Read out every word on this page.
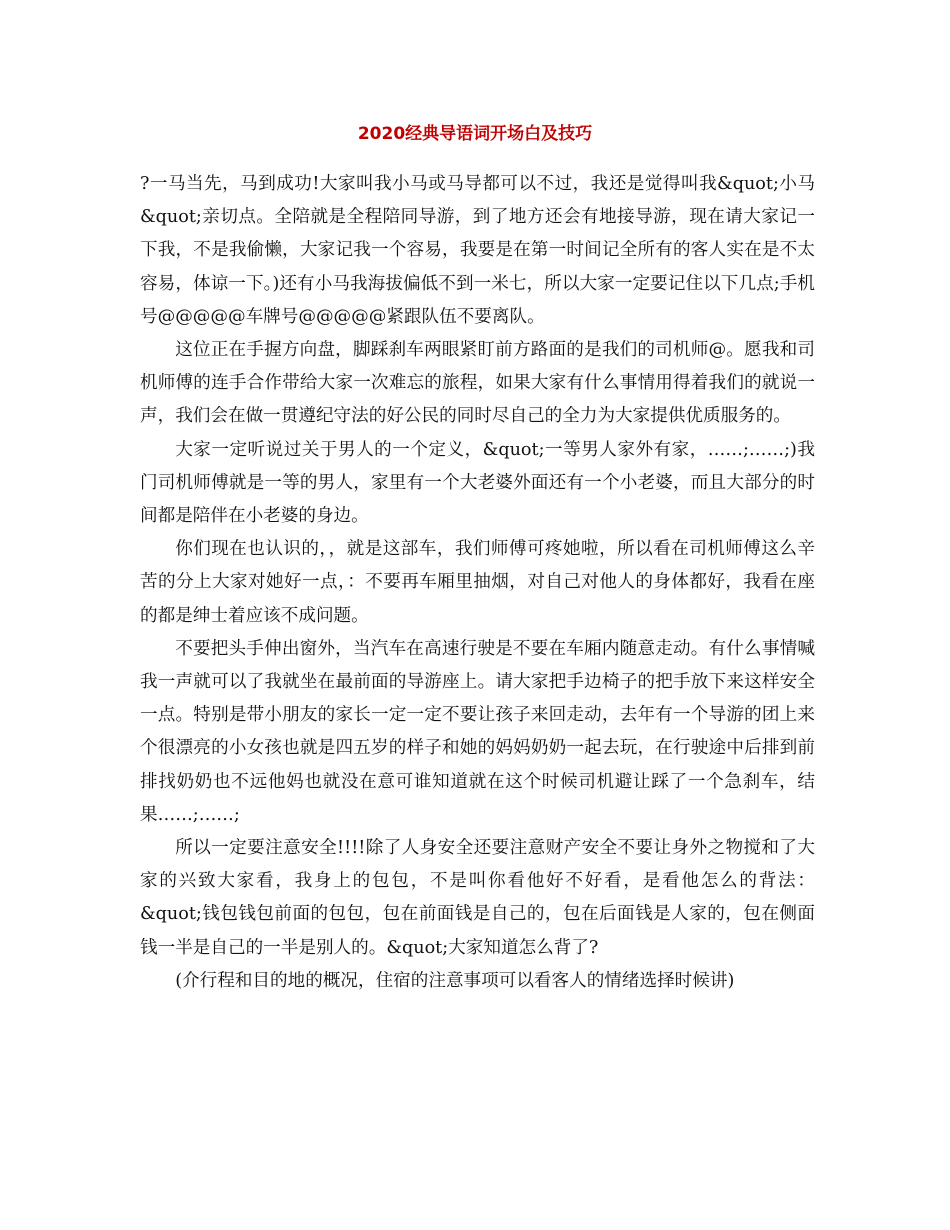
2020经典导语词开场白及技巧

?一马当先，马到成功!大家叫我小马或马导都可以不过，我还是觉得叫我&quot;小马&quot;亲切点。全陪就是全程陪同导游，到了地方还会有地接导游，现在请大家记一下我，不是我偷懒，大家记我一个容易，我要是在第一时间记全所有的客人实在是不太容易，体谅一下。)还有小马我海拔偏低不到一米七，所以大家一定要记住以下几点;手机号@@@@@车牌号@@@@@紧跟队伍不要离队。

这位正在手握方向盘，脚踩刹车两眼紧盯前方路面的是我们的司机师@。愿我和司机师傅的连手合作带给大家一次难忘的旅程，如果大家有什么事情用得着我们的就说一声，我们会在做一贯遵纪守法的好公民的同时尽自己的全力为大家提供优质服务的。

大家一定听说过关于男人的一个定义，&quot;一等男人家外有家，……;……;)我门司机师傅就是一等的男人，家里有一个大老婆外面还有一个小老婆，而且大部分的时间都是陪伴在小老婆的身边。

你们现在也认识的，，就是这部车，我们师傅可疼她啦，所以看在司机师傅这么辛苦的分上大家对她好一点，：不要再车厢里抽烟，对自己对他人的身体都好，我看在座的都是绅士着应该不成问题。

不要把头手伸出窗外，当汽车在高速行驶是不要在车厢内随意走动。有什么事情喊我一声就可以了我就坐在最前面的导游座上。请大家把手边椅子的把手放下来这样安全一点。特别是带小朋友的家长一定一定不要让孩子来回走动，去年有一个导游的团上来个很漂亮的小女孩也就是四五岁的样子和她的妈妈奶奶一起去玩，在行驶途中后排到前排找奶奶也不远他妈也就没在意可谁知道就在这个时候司机避让踩了一个急刹车，结果……;……;

所以一定要注意安全!!!!除了人身安全还要注意财产安全不要让身外之物搅和了大家的兴致大家看，我身上的包包，不是叫你看他好不好看，是看他怎么的背法：&quot;钱包钱包前面的包包，包在前面钱是自己的，包在后面钱是人家的，包在侧面钱一半是自己的一半是别人的。&quot;大家知道怎么背了?

(介行程和目的地的概况，住宿的注意事项可以看客人的情绪选择时候讲)
